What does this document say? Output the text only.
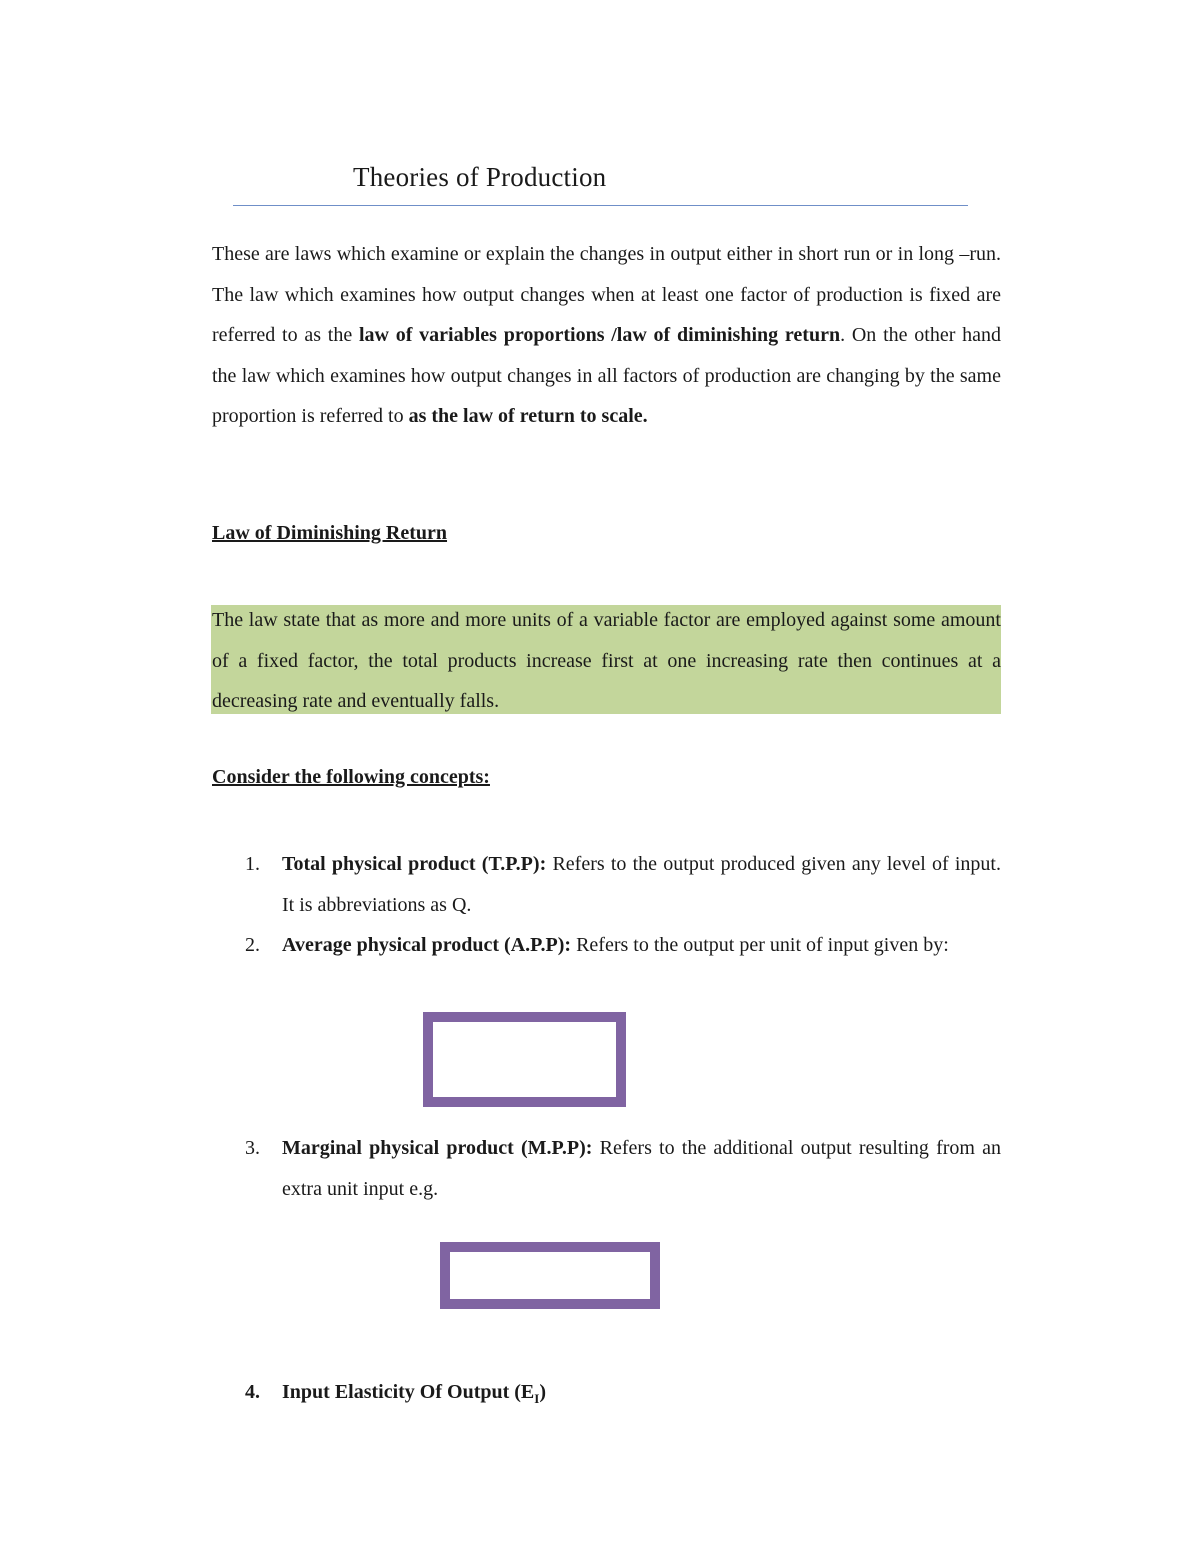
Theories of Production

These are laws which examine or explain the changes in output either in short run or in long –run. The law which examines how output changes when at least one factor of production is fixed are referred to as the law of variables proportions /law of diminishing return. On the other hand the law which examines how output changes in all factors of production are changing by the same proportion is referred to as the law of return to scale.

Law of Diminishing Return

The law state that as more and more units of a variable factor are employed against some amount of a fixed factor, the total products increase first at one increasing rate then continues at a decreasing rate and eventually falls.

Consider the following concepts:
1. Total physical product (T.P.P): Refers to the output produced given any level of input. It is abbreviations as Q.
2. Average physical product (A.P.P): Refers to the output per unit of input given by:
3. Marginal physical product (M.P.P): Refers to the additional output resulting from an extra unit input e.g.
4. Input Elasticity Of Output $(E_I)$
